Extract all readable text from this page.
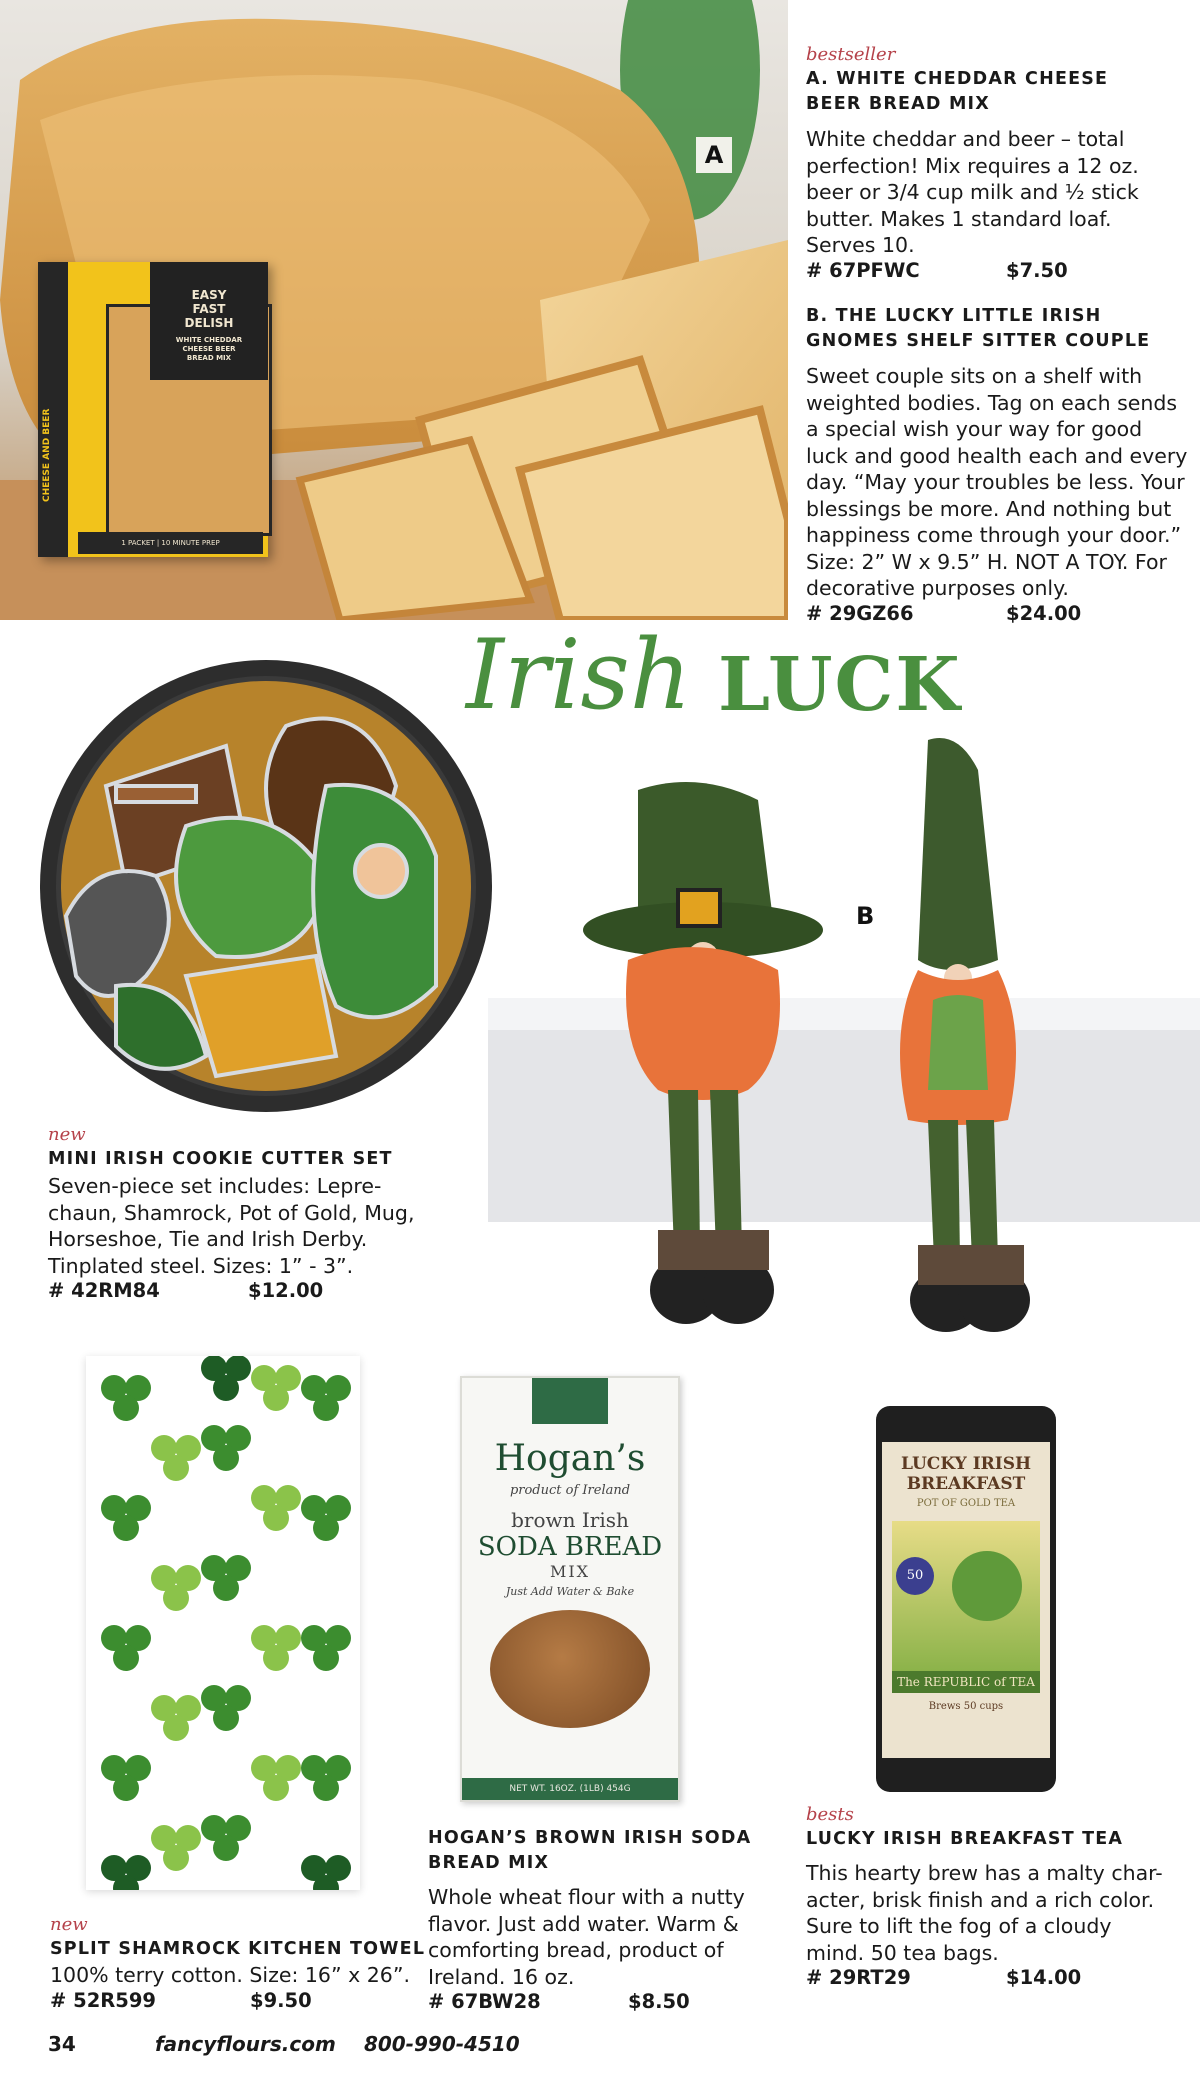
EASY
FAST
DELISH
WHITE CHEDDAR
CHEESE BEER
BREAD MIX
CHEESE AND BEER
1 PACKET | 10 MINUTE PREP
A
bestseller
A. WHITE CHEDDAR CHEESE
BEER BREAD MIX
White cheddar and beer – total
perfection! Mix requires a 12 oz.
beer or 3/4 cup milk and ½ stick
butter. Makes 1 standard loaf.
Serves 10.
# 67PFWC	$7.50
B. THE LUCKY LITTLE IRISH
GNOMES SHELF SITTER COUPLE
Sweet couple sits on a shelf with
weighted bodies. Tag on each sends
a special wish your way for good
luck and good health each and every
day. “May your troubles be less. Your
blessings be more. And nothing but
happiness come through your door.”
Size: 2” W x 9.5” H. NOT A TOY. For
decorative purposes only.
# 29GZ66	$24.00
Irish LUCK
new
MINI IRISH COOKIE CUTTER SET
Seven-piece set includes: Lepre-
chaun, Shamrock, Pot of Gold, Mug,
Horseshoe, Tie and Irish Derby.
Tinplated steel. Sizes: 1” - 3”.
# 42RM84	$12.00
B
new
SPLIT SHAMROCK KITCHEN TOWEL
100% terry cotton. Size: 16” x 26”.
# 52R599	$9.50
Hogan’s
product of Ireland
brown Irish
SODA BREAD
MIX
Just Add Water & Bake
NET WT. 16OZ. (1LB) 454G
HOGAN’S BROWN IRISH SODA
BREAD MIX
Whole wheat flour with a nutty
flavor. Just add water. Warm &
comforting bread, product of
Ireland. 16 oz.
# 67BW28	$8.50
LUCKY IRISH
BREAKFAST
POT OF GOLD TEA
50
The REPUBLIC of TEA
Brews 50 cups
bests
LUCKY IRISH BREAKFAST TEA
This hearty brew has a malty char-
acter, brisk finish and a rich color.
Sure to lift the fog of a cloudy
mind. 50 tea bags.
# 29RT29	$14.00
34	fancyflours.com 800-990-4510
